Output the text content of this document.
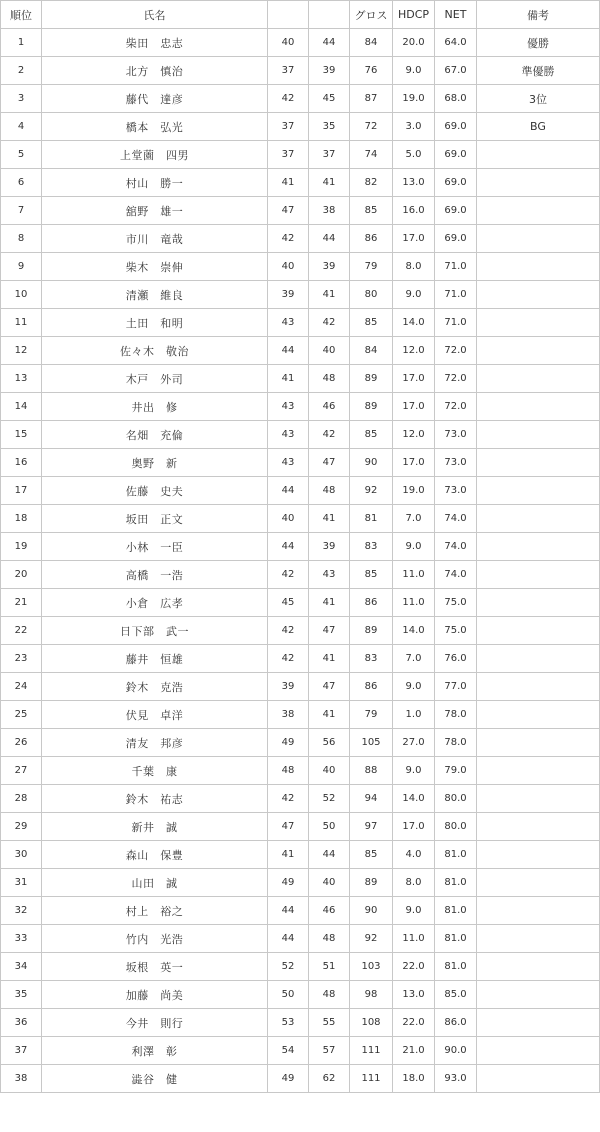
順位	氏名			グロス	HDCP	NET	備考
1	柴田　忠志	40	44	84	20.0	64.0	優勝
2	北方　慎治	37	39	76	9.0	67.0	準優勝
3	藤代　達彦	42	45	87	19.0	68.0	3位
4	橋本　弘光	37	35	72	3.0	69.0	BG
5	上堂薗　四男	37	37	74	5.0	69.0	
6	村山　勝一	41	41	82	13.0	69.0	
7	舘野　雄一	47	38	85	16.0	69.0	
8	市川　竜哉	42	44	86	17.0	69.0	
9	柴木　崇伸	40	39	79	8.0	71.0	
10	清瀬　維良	39	41	80	9.0	71.0	
11	土田　和明	43	42	85	14.0	71.0	
12	佐々木　敬治	44	40	84	12.0	72.0	
13	木戸　外司	41	48	89	17.0	72.0	
14	井出　修	43	46	89	17.0	72.0	
15	名畑　充倫	43	42	85	12.0	73.0	
16	奥野　新	43	47	90	17.0	73.0	
17	佐藤　史夫	44	48	92	19.0	73.0	
18	坂田　正文	40	41	81	7.0	74.0	
19	小林　一臣	44	39	83	9.0	74.0	
20	高橋　一浩	42	43	85	11.0	74.0	
21	小倉　広孝	45	41	86	11.0	75.0	
22	日下部　武一	42	47	89	14.0	75.0	
23	藤井　恒雄	42	41	83	7.0	76.0	
24	鈴木　克浩	39	47	86	9.0	77.0	
25	伏見　卓洋	38	41	79	1.0	78.0	
26	清友　邦彦	49	56	105	27.0	78.0	
27	千葉　康	48	40	88	9.0	79.0	
28	鈴木　祐志	42	52	94	14.0	80.0	
29	新井　誠	47	50	97	17.0	80.0	
30	森山　保豊	41	44	85	4.0	81.0	
31	山田　誠	49	40	89	8.0	81.0	
32	村上　裕之	44	46	90	9.0	81.0	
33	竹内　光浩	44	48	92	11.0	81.0	
34	坂根　英一	52	51	103	22.0	81.0	
35	加藤　尚美	50	48	98	13.0	85.0	
36	今井　則行	53	55	108	22.0	86.0	
37	利澤　彰	54	57	111	21.0	90.0	
38	澁谷　健	49	62	111	18.0	93.0	
